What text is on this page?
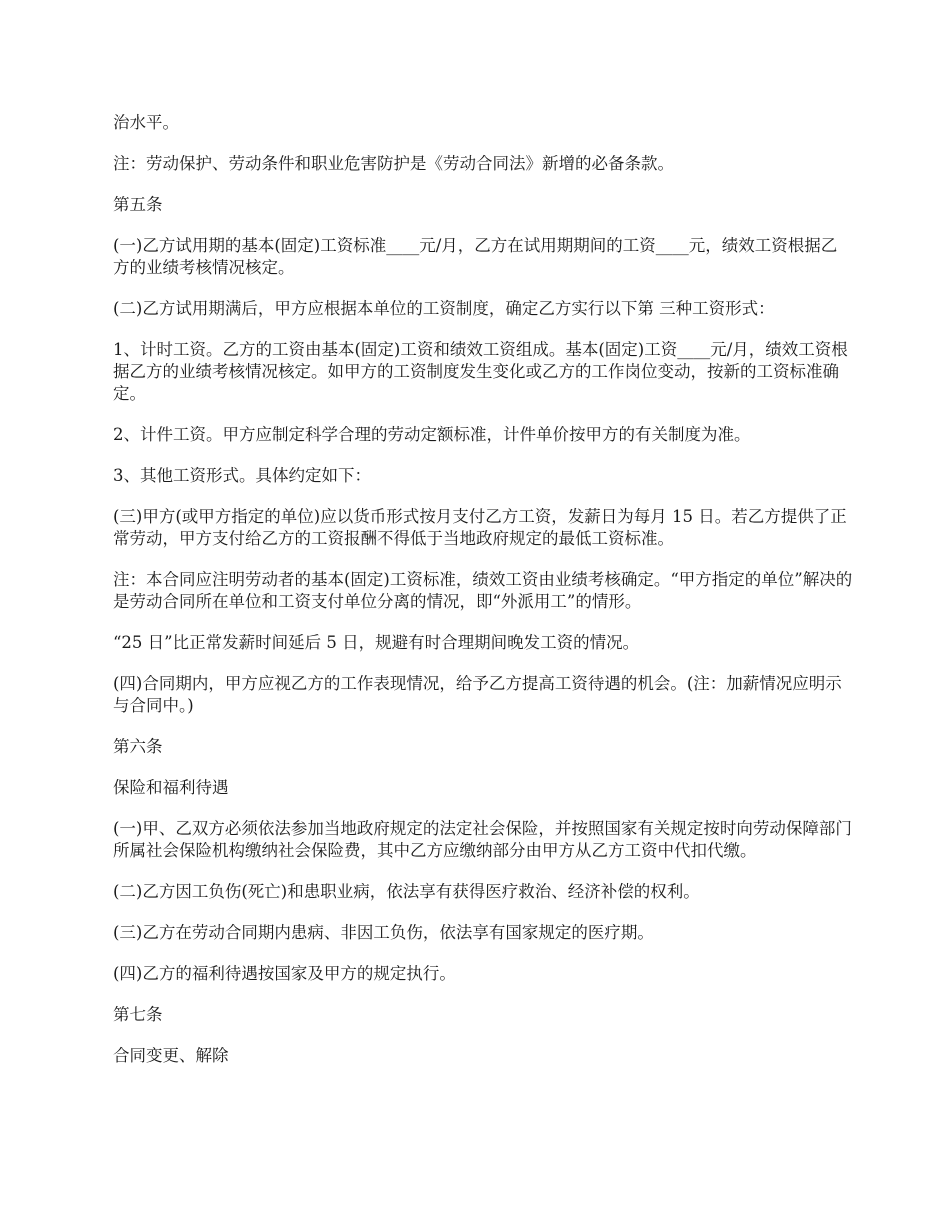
治水平。

注：劳动保护、劳动条件和职业危害防护是《劳动合同法》新增的必备条款。

第五条

(一)乙方试用期的基本(固定)工资标准____元/月，乙方在试用期期间的工资____元，绩效工资根据乙方的业绩考核情况核定。

(二)乙方试用期满后，甲方应根据本单位的工资制度，确定乙方实行以下第 三种工资形式：

1、计时工资。乙方的工资由基本(固定)工资和绩效工资组成。基本(固定)工资____元/月，绩效工资根据乙方的业绩考核情况核定。如甲方的工资制度发生变化或乙方的工作岗位变动，按新的工资标准确定。

2、计件工资。甲方应制定科学合理的劳动定额标准，计件单价按甲方的有关制度为准。

3、其他工资形式。具体约定如下：

(三)甲方(或甲方指定的单位)应以货币形式按月支付乙方工资，发薪日为每月 15 日。若乙方提供了正常劳动，甲方支付给乙方的工资报酬不得低于当地政府规定的最低工资标准。

注：本合同应注明劳动者的基本(固定)工资标准，绩效工资由业绩考核确定。“甲方指定的单位”解决的是劳动合同所在单位和工资支付单位分离的情况，即“外派用工”的情形。

“25 日”比正常发薪时间延后 5 日，规避有时合理期间晚发工资的情况。

(四)合同期内，甲方应视乙方的工作表现情况，给予乙方提高工资待遇的机会。(注：加薪情况应明示与合同中。)

第六条

保险和福利待遇

(一)甲、乙双方必须依法参加当地政府规定的法定社会保险，并按照国家有关规定按时向劳动保障部门所属社会保险机构缴纳社会保险费，其中乙方应缴纳部分由甲方从乙方工资中代扣代缴。

(二)乙方因工负伤(死亡)和患职业病，依法享有获得医疗救治、经济补偿的权利。

(三)乙方在劳动合同期内患病、非因工负伤，依法享有国家规定的医疗期。

(四)乙方的福利待遇按国家及甲方的规定执行。

第七条

合同变更、解除
